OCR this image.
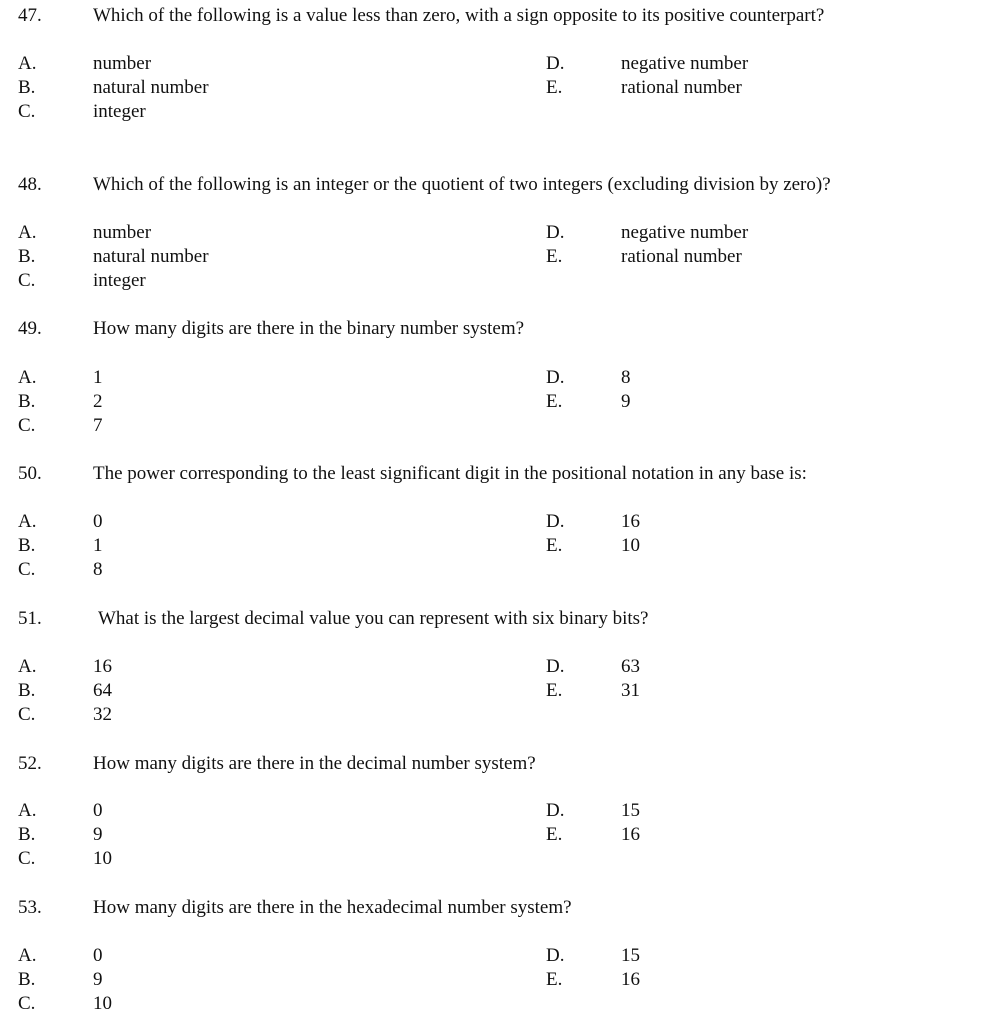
47.	Which of the following is a value less than zero, with a sign opposite to its positive counterpart?
A.	number
B.	natural number
C.	integer
D.	negative number
E.	rational number
48.	Which of the following is an integer or the quotient of two integers (excluding division by zero)?
A.	number
B.	natural number
C.	integer
D.	negative number
E.	rational number
49.	How many digits are there in the binary number system?
A.	1
B.	2
C.	7
D.	8
E.	9
50.	The power corresponding to the least significant digit in the positional notation in any base is:
A.	0
B.	1
C.	8
D.	16
E.	10
51.	What is the largest decimal value you can represent with six binary bits?
A.	16
B.	64
C.	32
D.	63
E.	31
52.	How many digits are there in the decimal number system?
A.	0
B.	9
C.	10
D.	15
E.	16
53.	How many digits are there in the hexadecimal number system?
A.	0
B.	9
C.	10
D.	15
E.	16
